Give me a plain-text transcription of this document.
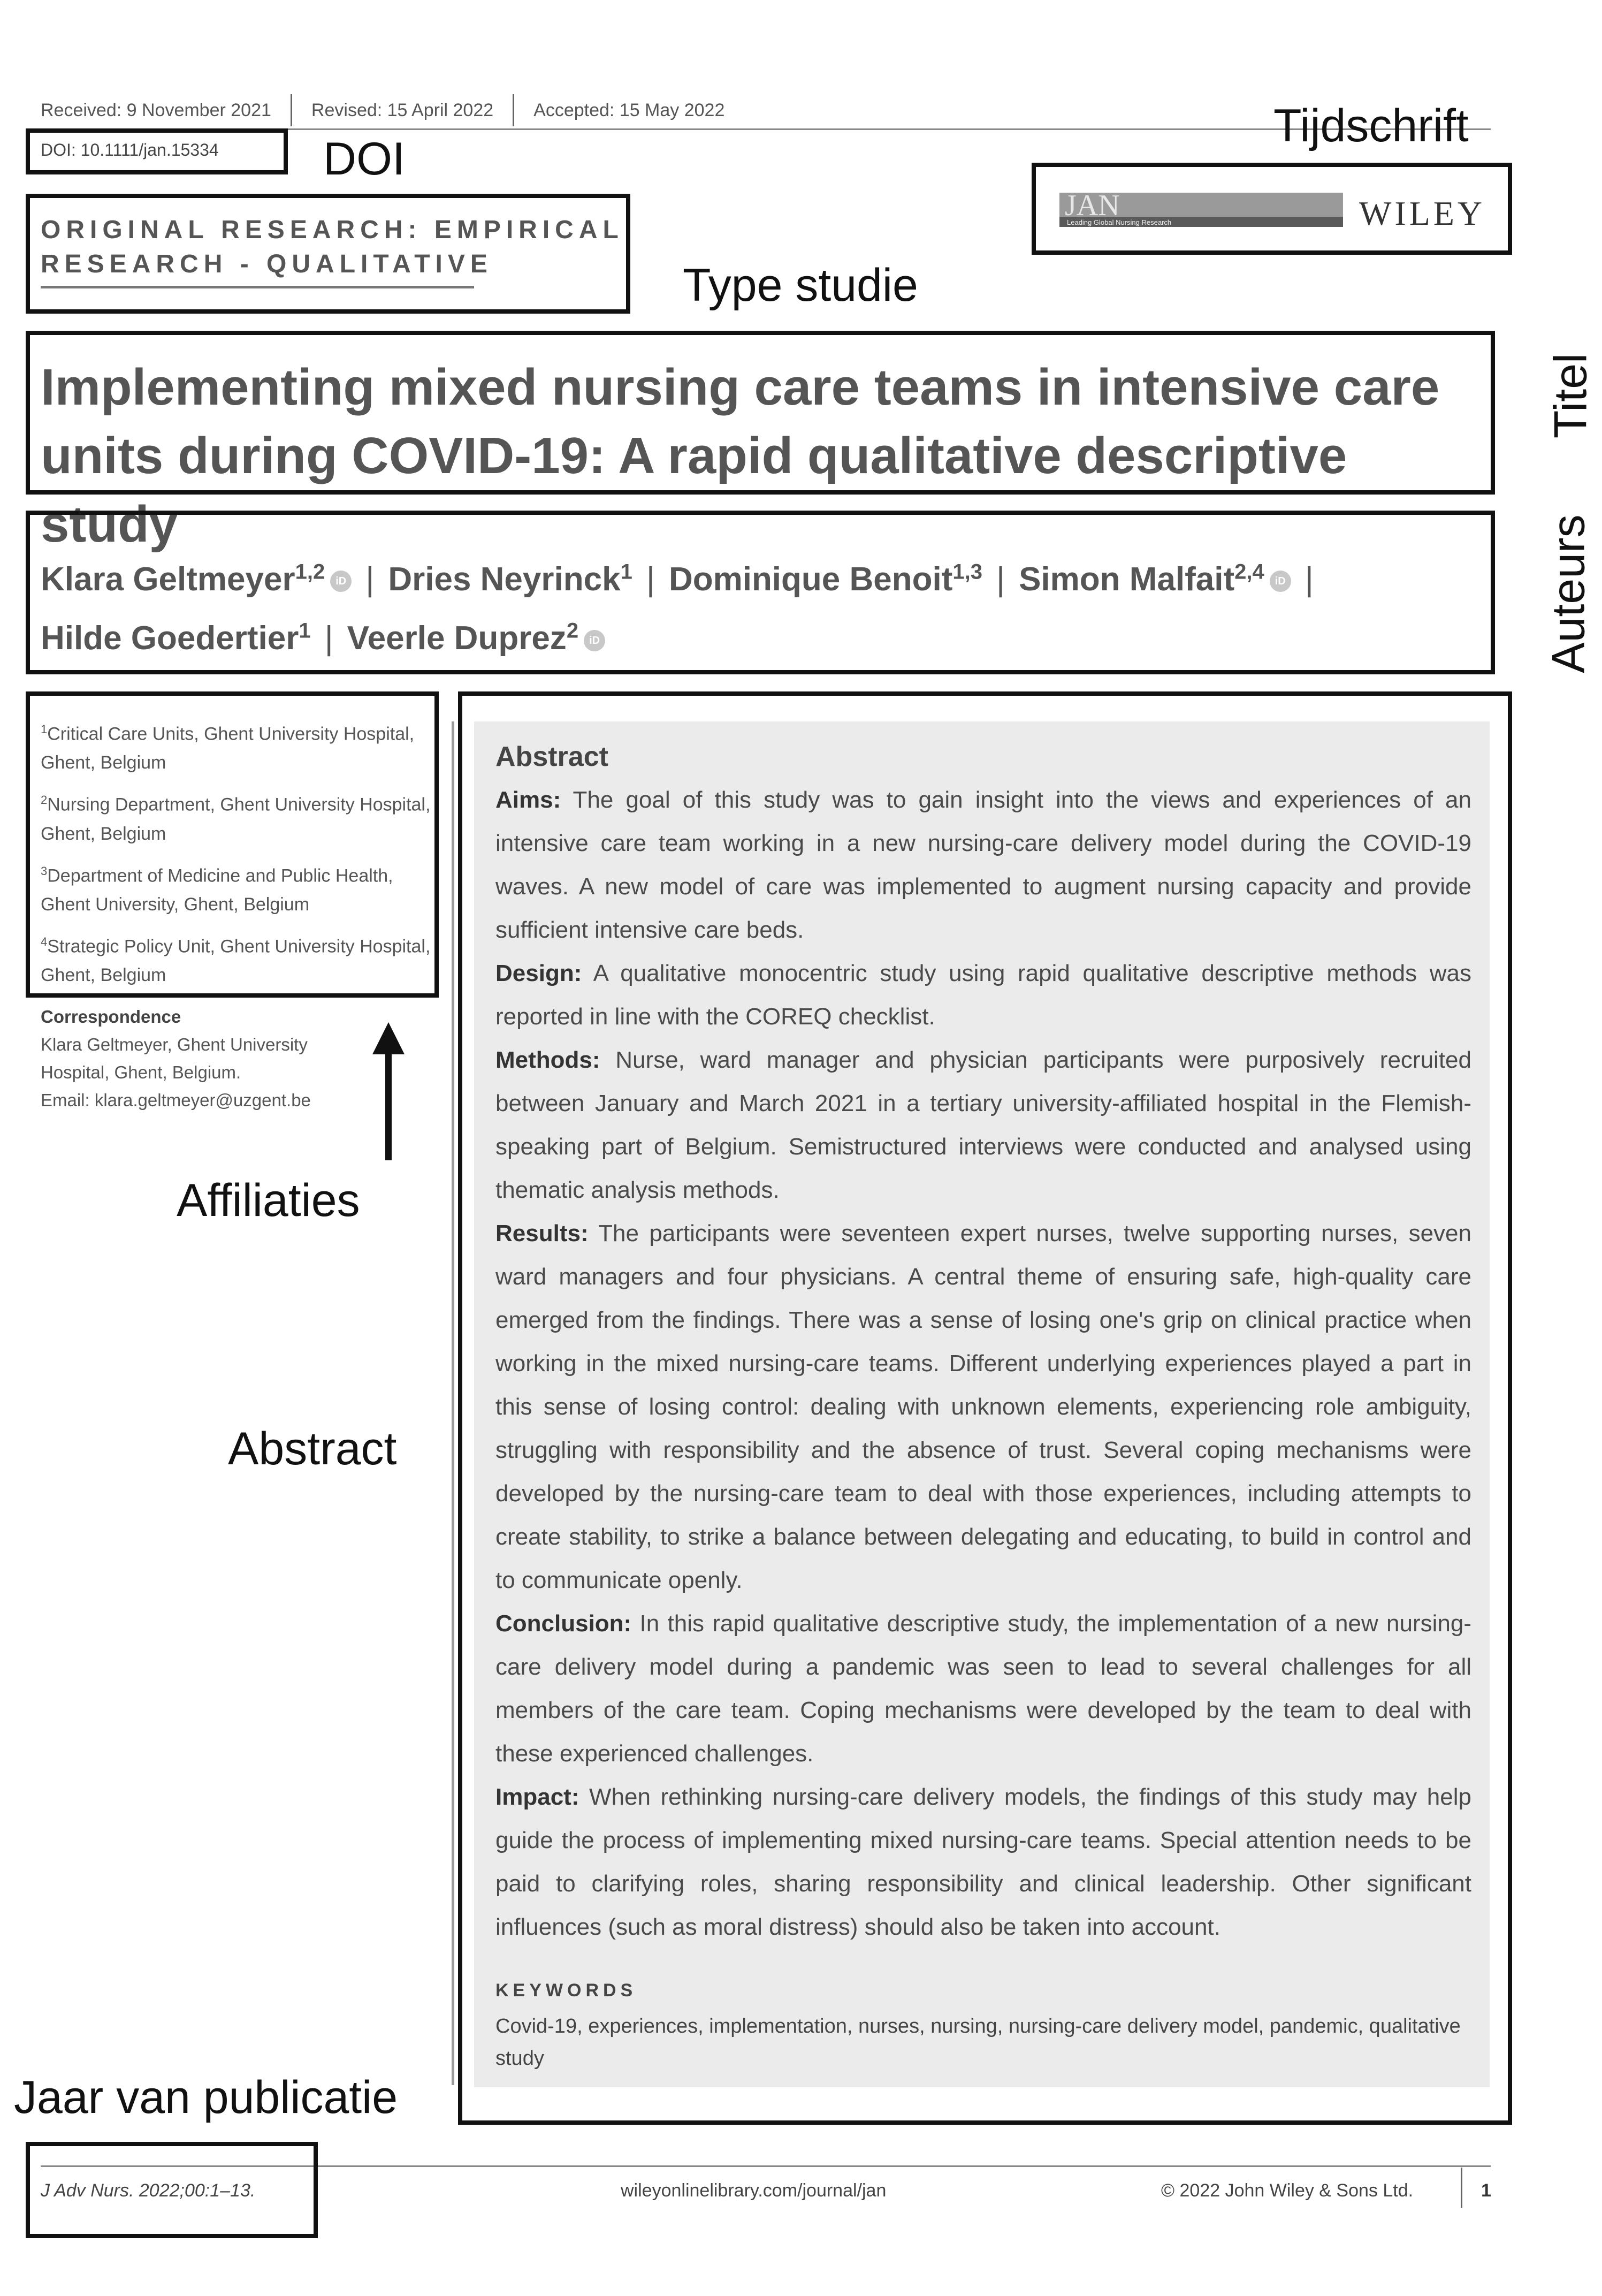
Received: 9 November 2021 Revised: 15 April 2022 Accepted: 15 May 2022
DOI: 10.1111/jan.15334
ORIGINAL RESEARCH: EMPIRICAL
RESEARCH - QUALITATIVE
JAN
Leading Global Nursing Research	WILEY
Implementing mixed nursing care teams in intensive care units during COVID-19: A rapid qualitative descriptive study
Klara Geltmeyer$^{1,2}$ iD | Dries Neyrinck$^1$ | Dominique Benoit$^{1,3}$ | Simon Malfait$^{2,4}$ iD |
Hilde Goedertier$^1$ | Veerle Duprez$^2$ iD

$^1$Critical Care Units, Ghent University Hospital, Ghent, Belgium

$^2$Nursing Department, Ghent University Hospital, Ghent, Belgium

$^3$Department of Medicine and Public Health, Ghent University, Ghent, Belgium

$^4$Strategic Policy Unit, Ghent University Hospital, Ghent, Belgium

Correspondence
Klara Geltmeyer, Ghent University
Hospital, Ghent, Belgium.
Email: klara.geltmeyer@uzgent.be
Abstract

Aims: The goal of this study was to gain insight into the views and experiences of an intensive care team working in a new nursing-care delivery model during the COVID-19 waves. A new model of care was implemented to augment nursing capacity and provide sufficient intensive care beds.

Design: A qualitative monocentric study using rapid qualitative descriptive methods was reported in line with the COREQ checklist.

Methods: Nurse, ward manager and physician participants were purposively recruited between January and March 2021 in a tertiary university-affiliated hospital in the Flemish-speaking part of Belgium. Semistructured interviews were conducted and analysed using thematic analysis methods.

Results: The participants were seventeen expert nurses, twelve supporting nurses, seven ward managers and four physicians. A central theme of ensuring safe, high-quality care emerged from the findings. There was a sense of losing one's grip on clinical practice when working in the mixed nursing-care teams. Different underlying experiences played a part in this sense of losing control: dealing with unknown elements, experiencing role ambiguity, struggling with responsibility and the absence of trust. Several coping mechanisms were developed by the nursing-care team to deal with those experiences, including attempts to create stability, to strike a balance between delegating and educating, to build in control and to communicate openly.

Conclusion: In this rapid qualitative descriptive study, the implementation of a new nursing-care delivery model during a pandemic was seen to lead to several challenges for all members of the care team. Coping mechanisms were developed by the team to deal with these experienced challenges.

Impact: When rethinking nursing-care delivery models, the findings of this study may help guide the process of implementing mixed nursing-care teams. Special attention needs to be paid to clarifying roles, sharing responsibility and clinical leadership. Other significant influences (such as moral distress) should also be taken into account.

KEYWORDS
Covid-19, experiences, implementation, nurses, nursing, nursing-care delivery model, pandemic, qualitative study
J Adv Nurs. 2022;00:1–13.	wileyonlinelibrary.com/journal/jan	© 2022 John Wiley & Sons Ltd.	1
Tijdschrift
DOI
Type studie
Titel
Auteurs
Affiliaties
Abstract
Jaar van publicatie
